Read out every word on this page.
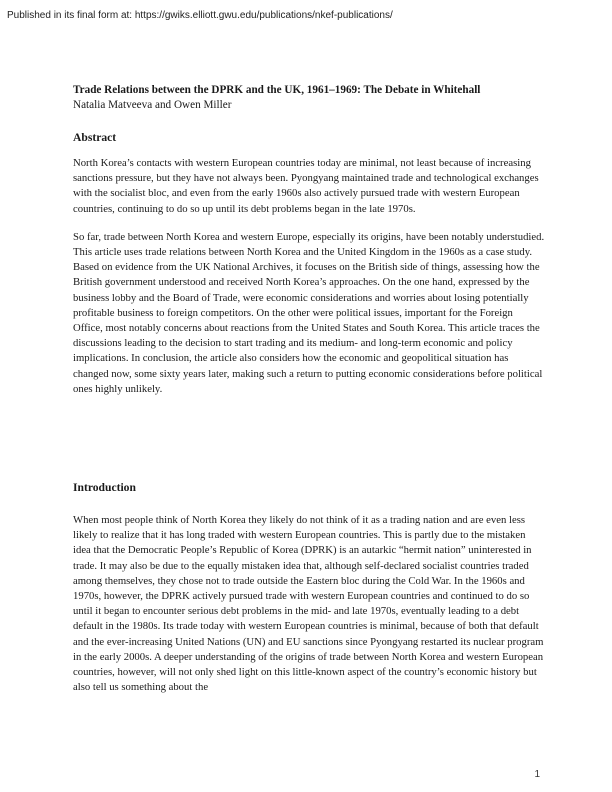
Published in its final form at: https://gwiks.elliott.gwu.edu/publications/nkef-publications/

Trade Relations between the DPRK and the UK, 1961–1969: The Debate in Whitehall

Natalia Matveeva and Owen Miller

Abstract

North Korea’s contacts with western European countries today are minimal, not least because of increasing sanctions pressure, but they have not always been. Pyongyang maintained trade and technological exchanges with the socialist bloc, and even from the early 1960s also actively pursued trade with western European countries, continuing to do so up until its debt problems began in the late 1970s.

So far, trade between North Korea and western Europe, especially its origins, have been notably understudied. This article uses trade relations between North Korea and the United Kingdom in the 1960s as a case study. Based on evidence from the UK National Archives, it focuses on the British side of things, assessing how the British government understood and received North Korea’s approaches. On the one hand, expressed by the business lobby and the Board of Trade, were economic considerations and worries about losing potentially profitable business to foreign competitors. On the other were political issues, important for the Foreign Office, most notably concerns about reactions from the United States and South Korea. This article traces the discussions leading to the decision to start trading and its medium- and long-term economic and policy implications. In conclusion, the article also considers how the economic and geopolitical situation has changed now, some sixty years later, making such a return to putting economic considerations before political ones highly unlikely.

Introduction

When most people think of North Korea they likely do not think of it as a trading nation and are even less likely to realize that it has long traded with western European countries. This is partly due to the mistaken idea that the Democratic People’s Republic of Korea (DPRK) is an autarkic “hermit nation” uninterested in trade. It may also be due to the equally mistaken idea that, although self-declared socialist countries traded among themselves, they chose not to trade outside the Eastern bloc during the Cold War. In the 1960s and 1970s, however, the DPRK actively pursued trade with western European countries and continued to do so until it began to encounter serious debt problems in the mid- and late 1970s, eventually leading to a debt default in the 1980s. Its trade today with western European countries is minimal, because of both that default and the ever-increasing United Nations (UN) and EU sanctions since Pyongyang restarted its nuclear program in the early 2000s. A deeper understanding of the origins of trade between North Korea and western European countries, however, will not only shed light on this little-known aspect of the country’s economic history but also tell us something about the

1
